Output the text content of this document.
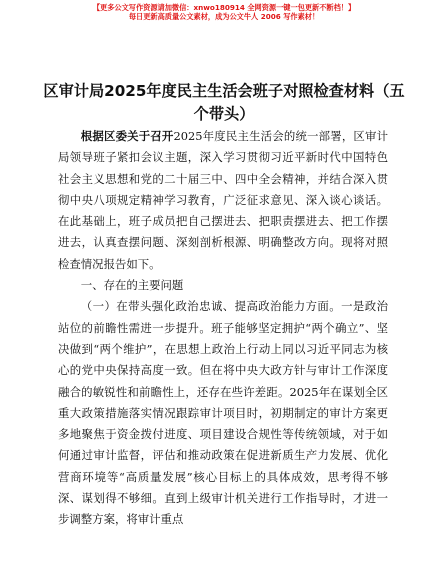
【更多公文写作资源请加微信：xnwo180914 全网资源一键一包更新不断档！】
每日更新高质量公文素材，成为公文牛人 2006 写作素材！
区审计局2025年度民主生活会班子对照检查材料（五个带头）

根据区委关于召开2025年度民主生活会的统一部署，区审计局领导班子紧扣会议主题，深入学习贯彻习近平新时代中国特色社会主义思想和党的二十届三中、四中全会精神，并结合深入贯彻中央八项规定精神学习教育，广泛征求意见、深入谈心谈话。在此基础上，班子成员把自己摆进去、把职责摆进去、把工作摆进去，认真查摆问题、深刻剖析根源、明确整改方向。现将对照检查情况报告如下。

一、存在的主要问题

（一）在带头强化政治忠诚、提高政治能力方面。一是政治站位的前瞻性需进一步提升。班子能够坚定拥护“两个确立”、坚决做到“两个维护”，在思想上政治上行动上同以习近平同志为核心的党中央保持高度一致。但在将中央大政方针与审计工作深度融合的敏锐性和前瞻性上，还存在些许差距。2025年在谋划全区重大政策措施落实情况跟踪审计项目时，初期制定的审计方案更多地聚焦于资金拨付进度、项目建设合规性等传统领域，对于如何通过审计监督，评估和推动政策在促进新质生产力发展、优化营商环境等“高质量发展”核心目标上的具体成效，思考得不够深、谋划得不够细。直到上级审计机关进行工作指导时，才进一步调整方案，将审计重点
